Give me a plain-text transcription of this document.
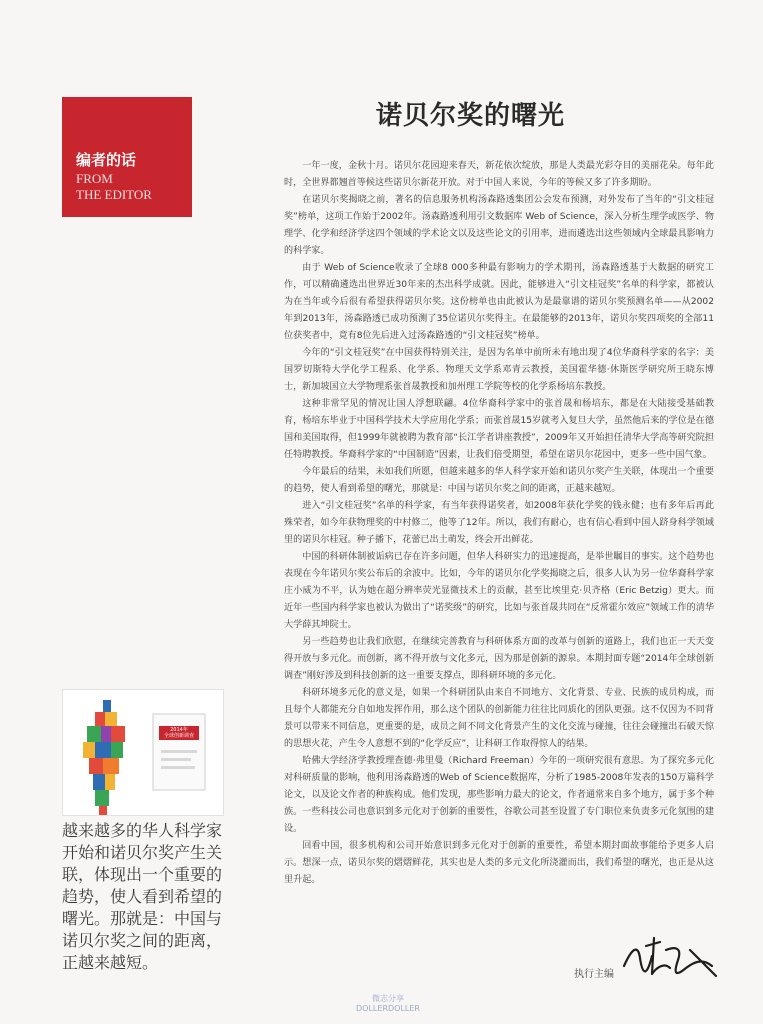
编者的话
FROM
THE EDITOR
诺贝尔奖的曙光

一年一度，金秋十月。诺贝尔花园迎来春天，新花依次绽放，那是人类最光彩夺目的美丽花朵。每年此时，全世界都翘首等候这些诺贝尔新花开放。对于中国人来说，今年的等候又多了许多期盼。

在诺贝尔奖揭晓之前，著名的信息服务机构汤森路透集团公会发布预测，对外发布了当年的“引文桂冠奖”榜单，这项工作始于2002年。汤森路透利用引文数据库 Web of Science，深入分析生理学或医学、物理学、化学和经济学这四个领域的学术论文以及这些论文的引用率，进而遴选出这些领域内全球最具影响力的科学家。

由于 Web of Science收录了全球8 000多种最有影响力的学术期刊，汤森路透基于大数据的研究工作，可以精确遴选出世界近30年来的杰出科学成就。因此，能够进入“引文桂冠奖”名单的科学家，都被认为在当年或今后很有希望获得诺贝尔奖。这份榜单也由此被认为是最靠谱的诺贝尔奖预测名单——从2002年到2013年，汤森路透已成功预测了35位诺贝尔奖得主。在最能够的2013年，诺贝尔奖四项奖的全部11位获奖者中，竟有8位先后进入过汤森路透的“引文桂冠奖”榜单。

今年的“引文桂冠奖”在中国获得特别关注，是因为名单中前所未有地出现了4位华裔科学家的名字：美国罗切斯特大学化学工程系、化学系、物理天文学系邓青云教授，美国霍华德·休斯医学研究所王晓东博士，新加坡国立大学物理系张首晟教授和加州理工学院等校的化学系杨培东教授。

这种非常罕见的情况让国人浮想联翩。4位华裔科学家中的张首晟和杨培东，都是在大陆接受基础教育，杨培东毕业于中国科学技术大学应用化学系；而张首晟15岁就考入复旦大学，虽然他后来的学位是在德国和美国取得，但1999年就被聘为教育部“长江学者讲座教授”，2009年又开始担任清华大学高等研究院担任特聘教授。华裔科学家的“中国制造”因素，让我们倍受期望，希望在诺贝尔花园中，更多一些中国气象。

今年最后的结果，未如我们所愿，但越来越多的华人科学家开始和诺贝尔奖产生关联，体现出一个重要的趋势，使人看到希望的曙光，那就是：中国与诺贝尔奖之间的距离，正越来越短。

进入“引文桂冠奖”名单的科学家，有当年获得诺奖者，如2008年获化学奖的钱永健；也有多年后再此殊荣者，如今年获物理奖的中村修二，他等了12年。所以，我们有耐心，也有信心看到中国人跻身科学领域里的诺贝尔桂冠。种子播下，花蕾已出土萌发，终会开出鲜花。

中国的科研体制被诟病已存在许多问题，但华人科研实力的迅速提高，是举世瞩目的事实。这个趋势也表现在今年诺贝尔奖公布后的余波中。比如，今年的诺贝尔化学奖揭晓之后，很多人认为另一位华裔科学家庄小威为不平，认为她在超分辨率荧光显微技术上的贡献，甚至比埃里克·贝齐格（Eric Betzig）更大。而近年一些国内科学家也被认为做出了“诺奖级”的研究，比如与张首晟共同在“反常霍尔效应”领域工作的清华大学薛其坤院士。

另一些趋势也让我们欣慰，在继续完善教育与科研体系方面的改革与创新的道路上，我们也正一天天变得开放与多元化。而创新，离不得开放与文化多元，因为那是创新的源泉。本期封面专题“2014年全球创新调查”刚好涉及到科技创新的这一重要支撑点，即科研环境的多元化。

科研环境多元化的意义是，如果一个科研团队由来自不同地方、文化背景、专业、民族的成员构成，而且每个人都能充分自如地发挥作用，那么这个团队的创新能力往往比同质化的团队更强。这不仅因为不同背景可以带来不同信息，更重要的是，成员之间不同文化背景产生的文化交流与碰撞，往往会碰撞出石破天惊的思想火花，产生令人意想不到的“化学反应”，让科研工作取得惊人的结果。

哈佛大学经济学教授理查德·弗里曼（Richard Freeman）今年的一项研究很有意思。为了探究多元化对科研质量的影响，他利用汤森路透的Web of Science数据库，分析了1985-2008年发表的150万篇科学论文，以及论文作者的种族构成。他们发现，那些影响力最大的论文，作者通常来自多个地方，属于多个种族。一些科技公司也意识到多元化对于创新的重要性，谷歌公司甚至设置了专门职位来负责多元化氛围的建设。

回看中国，很多机构和公司开始意识到多元化对于创新的重要性，希望本期封面故事能给予更多人启示。想深一点，诺贝尔奖的熠熠鲜花，其实也是人类的多元文化所浇灌而出，我们希望的曙光，也正是从这里升起。

2014年
全球创新调查

越来越多的华人科学家开始和诺贝尔奖产生关联，体现出一个重要的趋势，使人看到希望的曙光。那就是：中国与诺贝尔奖之间的距离，正越来越短。

执行主编
微志分享
DOLLERDOLLER
